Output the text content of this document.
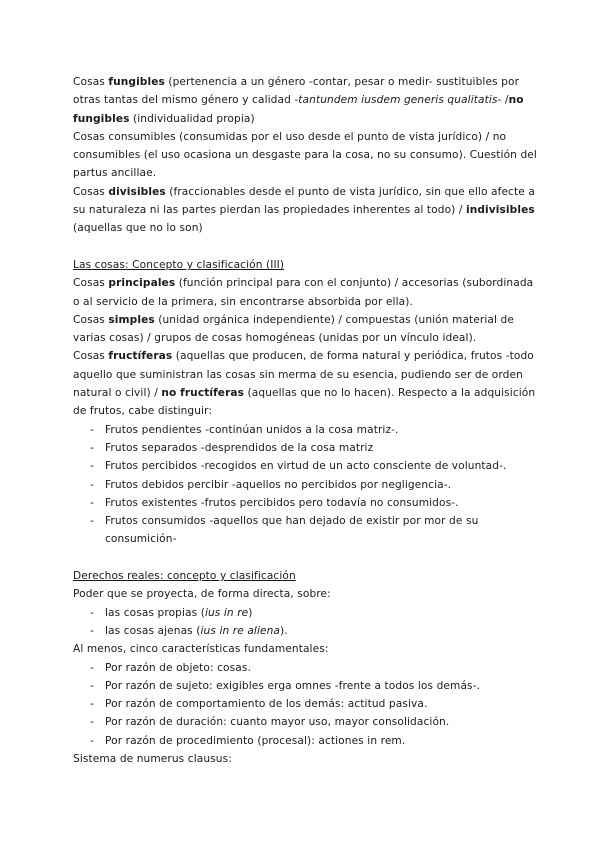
Cosas fungibles (pertenencia a un género -contar, pesar o medir- sustituibles por otras tantas del mismo género y calidad -tantundem iusdem generis qualitatis- /no fungibles (individualidad propia)

Cosas consumibles (consumidas por el uso desde el punto de vista jurídico) / no consumibles (el uso ocasiona un desgaste para la cosa, no su consumo). Cuestión del partus ancillae.

Cosas divisibles (fraccionables desde el punto de vista jurídico, sin que ello afecte a su naturaleza ni las partes pierdan las propiedades inherentes al todo) / indivisibles (aquellas que no lo son)

Las cosas: Concepto y clasificación (III)

Cosas principales (función principal para con el conjunto) / accesorias (subordinada o al servicio de la primera, sin encontrarse absorbida por ella).

Cosas simples (unidad orgánica independiente) / compuestas (unión material de varias cosas) / grupos de cosas homogéneas (unidas por un vínculo ideal).

Cosas fructíferas (aquellas que producen, de forma natural y periódica, frutos -todo aquello que suministran las cosas sin merma de su esencia, pudiendo ser de orden natural o civil) / no fructíferas (aquellas que no lo hacen). Respecto a la adquisición de frutos, cabe distinguir:

- Frutos pendientes -continúan unidos a la cosa matriz-.
- Frutos separados -desprendidos de la cosa matriz
- Frutos percibidos -recogidos en virtud de un acto consciente de voluntad-.
- Frutos debidos percibir -aquellos no percibidos por negligencia-.
- Frutos existentes -frutos percibidos pero todavía no consumidos-.
- Frutos consumidos -aquellos que han dejado de existir por mor de su consumición-

Derechos reales: concepto y clasificación

Poder que se proyecta, de forma directa, sobre:

- las cosas propias (ius in re)
- las cosas ajenas (ius in re aliena).

Al menos, cinco características fundamentales:

- Por razón de objeto: cosas.
- Por razón de sujeto: exigibles erga omnes -frente a todos los demás-.
- Por razón de comportamiento de los demás: actitud pasiva.
- Por razón de duración: cuanto mayor uso, mayor consolidación.
- Por razón de procedimiento (procesal): actiones in rem.

Sistema de numerus clausus:
